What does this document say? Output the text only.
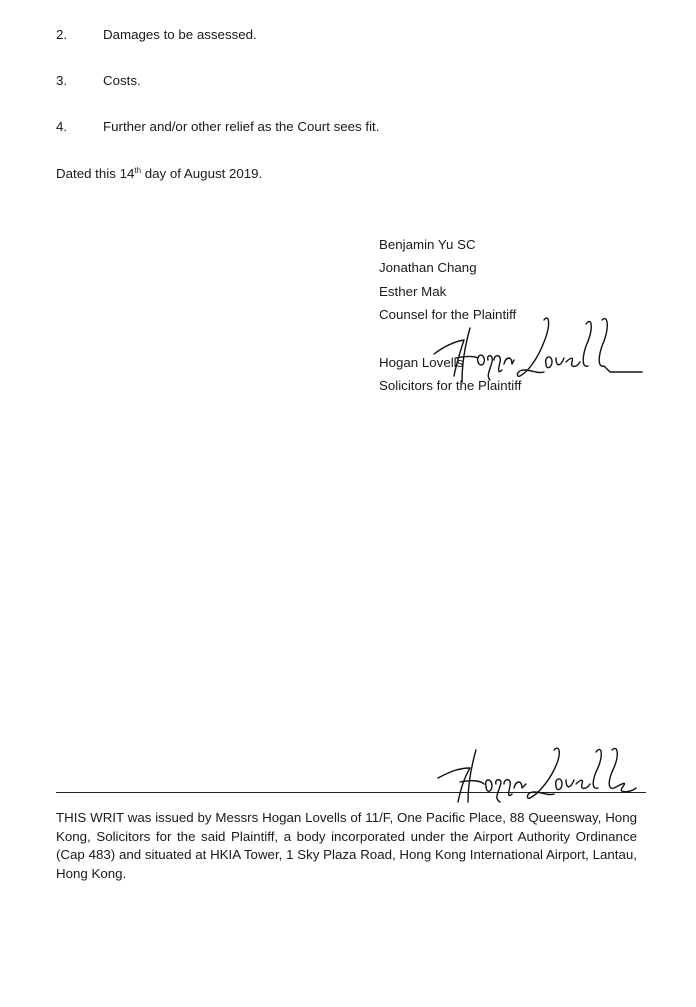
2.	Damages to be assessed.
3.	Costs.
4.	Further and/or other relief as the Court sees fit.
Dated this 14th day of August 2019.
Benjamin Yu SC
Jonathan Chang
Esther Mak
Counsel for the Plaintiff
Hogan Lovells
Solicitors for the Plaintiff
THIS WRIT was issued by Messrs Hogan Lovells of 11/F, One Pacific Place, 88 Queensway, Hong Kong, Solicitors for the said Plaintiff, a body incorporated under the Airport Authority Ordinance (Cap 483) and situated at HKIA Tower, 1 Sky Plaza Road, Hong Kong International Airport, Lantau, Hong Kong.
